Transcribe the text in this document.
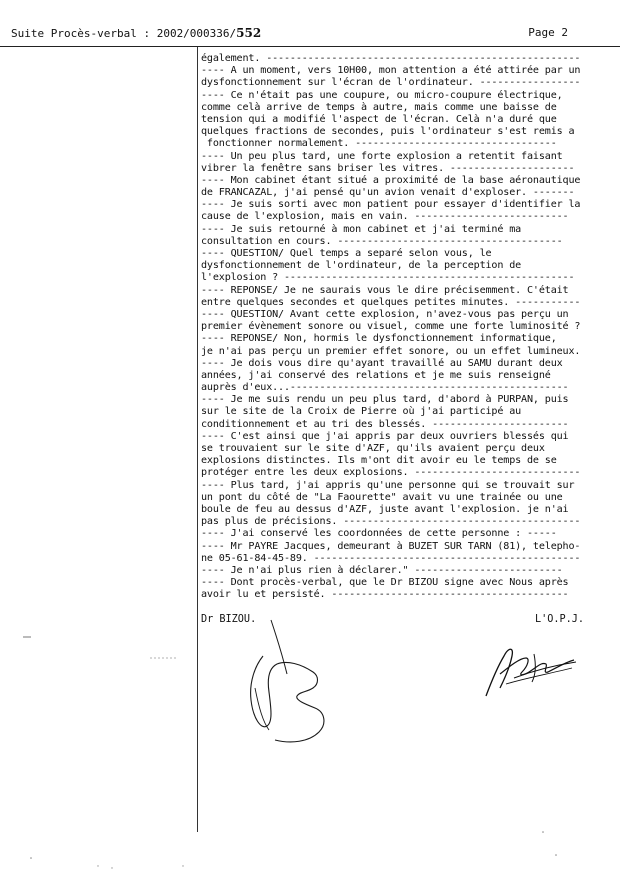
Suite Procès-verbal : 2002/000336/552	Page 2
également. -----------------------------------------------------
---- A un moment, vers 10H00, mon attention a été attirée par un
dysfonctionnement sur l'écran de l'ordinateur. -----------------
---- Ce n'était pas une coupure, ou micro-coupure électrique,
comme celà arrive de temps à autre, mais comme une baisse de
tension qui a modifié l'aspect de l'écran. Celà n'a duré que
quelques fractions de secondes, puis l'ordinateur s'est remis a
fonctionner normalement. ----------------------------------
---- Un peu plus tard, une forte explosion a retentit faisant
vibrer la fenêtre sans briser les vitres. ---------------------
---- Mon cabinet étant situé a proximité de la base aéronautique
de FRANCAZAL, j'ai pensé qu'un avion venait d'exploser. -------
---- Je suis sorti avec mon patient pour essayer d'identifier la
cause de l'explosion, mais en vain. --------------------------
---- Je suis retourné à mon cabinet et j'ai terminé ma
consultation en cours. --------------------------------------
---- QUESTION/ Quel temps a separé selon vous, le
dysfonctionnement de l'ordinateur, de la perception de
l'explosion ? -------------------------------------------------
---- REPONSE/ Je ne saurais vous le dire précisemment. C'était
entre quelques secondes et quelques petites minutes. -----------
---- QUESTION/ Avant cette explosion, n'avez-vous pas perçu un
premier évènement sonore ou visuel, comme une forte luminosité ?
---- REPONSE/ Non, hormis le dysfonctionnement informatique,
je n'ai pas perçu un premier effet sonore, ou un effet lumineux.
---- Je dois vous dire qu'ayant travaillé au SAMU durant deux
années, j'ai conservé des relations et je me suis renseigné
auprès d'eux...-----------------------------------------------
---- Je me suis rendu un peu plus tard, d'abord à PURPAN, puis
sur le site de la Croix de Pierre où j'ai participé au
conditionnement et au tri des blessés. -----------------------
---- C'est ainsi que j'ai appris par deux ouvriers blessés qui
se trouvaient sur le site d'AZF, qu'ils avaient perçu deux
explosions distinctes. Ils m'ont dit avoir eu le temps de se
protéger entre les deux explosions. ----------------------------
---- Plus tard, j'ai appris qu'une personne qui se trouvait sur
un pont du côté de "La Faourette" avait vu une trainée ou une
boule de feu au dessus d'AZF, juste avant l'explosion. je n'ai
pas plus de précisions. ----------------------------------------
---- J'ai conservé les coordonnées de cette personne : -----
---- Mr PAYRE Jacques, demeurant à BUZET SUR TARN (81), telepho-
ne 05-61-84-45-89. ---------------------------------------------
---- Je n'ai plus rien à déclarer." -------------------------
---- Dont procès-verbal, que le Dr BIZOU signe avec Nous après
avoir lu et persisté. ----------------------------------------
Dr BIZOU.	L'O.P.J.
